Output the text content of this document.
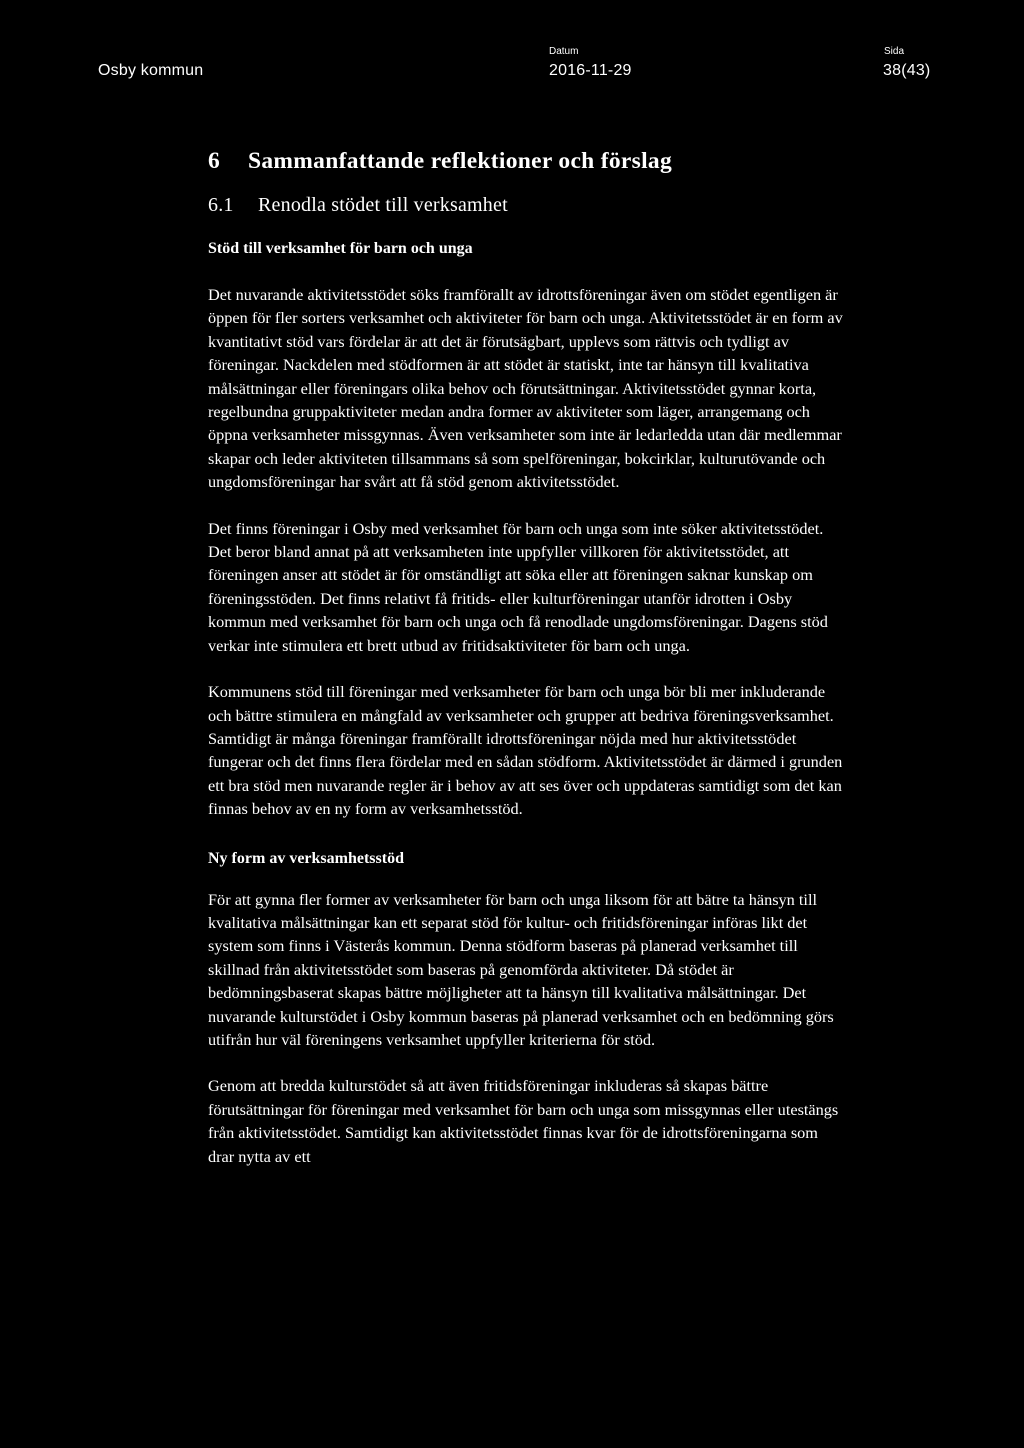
Osby kommun
Datum
2016-11-29
Sida
38(43)
6 Sammanfattande reflektioner och förslag
6.1 Renodla stödet till verksamhet
Stöd till verksamhet för barn och unga

Det nuvarande aktivitetsstödet söks framförallt av idrottsföreningar även om stödet egentligen är öppen för fler sorters verksamhet och aktiviteter för barn och unga. Aktivitetsstödet är en form av kvantitativt stöd vars fördelar är att det är förutsägbart, upplevs som rättvis och tydligt av föreningar. Nackdelen med stödformen är att stödet är statiskt, inte tar hänsyn till kvalitativa målsättningar eller föreningars olika behov och förutsättningar. Aktivitetsstödet gynnar korta, regelbundna gruppaktiviteter medan andra former av aktiviteter som läger, arrangemang och öppna verksamheter missgynnas. Även verksamheter som inte är ledarledda utan där medlemmar skapar och leder aktiviteten tillsammans så som spelföreningar, bokcirklar, kulturutövande och ungdomsföreningar har svårt att få stöd genom aktivitetsstödet.

Det finns föreningar i Osby med verksamhet för barn och unga som inte söker aktivitetsstödet. Det beror bland annat på att verksamheten inte uppfyller villkoren för aktivitetsstödet, att föreningen anser att stödet är för omständligt att söka eller att föreningen saknar kunskap om föreningsstöden. Det finns relativt få fritids- eller kulturföreningar utanför idrotten i Osby kommun med verksamhet för barn och unga och få renodlade ungdomsföreningar. Dagens stöd verkar inte stimulera ett brett utbud av fritidsaktiviteter för barn och unga.

Kommunens stöd till föreningar med verksamheter för barn och unga bör bli mer inkluderande och bättre stimulera en mångfald av verksamheter och grupper att bedriva föreningsverksamhet. Samtidigt är många föreningar framförallt idrottsföreningar nöjda med hur aktivitetsstödet fungerar och det finns flera fördelar med en sådan stödform. Aktivitetsstödet är därmed i grunden ett bra stöd men nuvarande regler är i behov av att ses över och uppdateras samtidigt som det kan finnas behov av en ny form av verksamhetsstöd.

Ny form av verksamhetsstöd

För att gynna fler former av verksamheter för barn och unga liksom för att bätre ta hänsyn till kvalitativa målsättningar kan ett separat stöd för kultur- och fritidsföreningar införas likt det system som finns i Västerås kommun. Denna stödform baseras på planerad verksamhet till skillnad från aktivitetsstödet som baseras på genomförda aktiviteter. Då stödet är bedömningsbaserat skapas bättre möjligheter att ta hänsyn till kvalitativa målsättningar. Det nuvarande kulturstödet i Osby kommun baseras på planerad verksamhet och en bedömning görs utifrån hur väl föreningens verksamhet uppfyller kriterierna för stöd.

Genom att bredda kulturstödet så att även fritidsföreningar inkluderas så skapas bättre förutsättningar för föreningar med verksamhet för barn och unga som missgynnas eller utestängs från aktivitetsstödet. Samtidigt kan aktivitetsstödet finnas kvar för de idrottsföreningarna som drar nytta av ett
